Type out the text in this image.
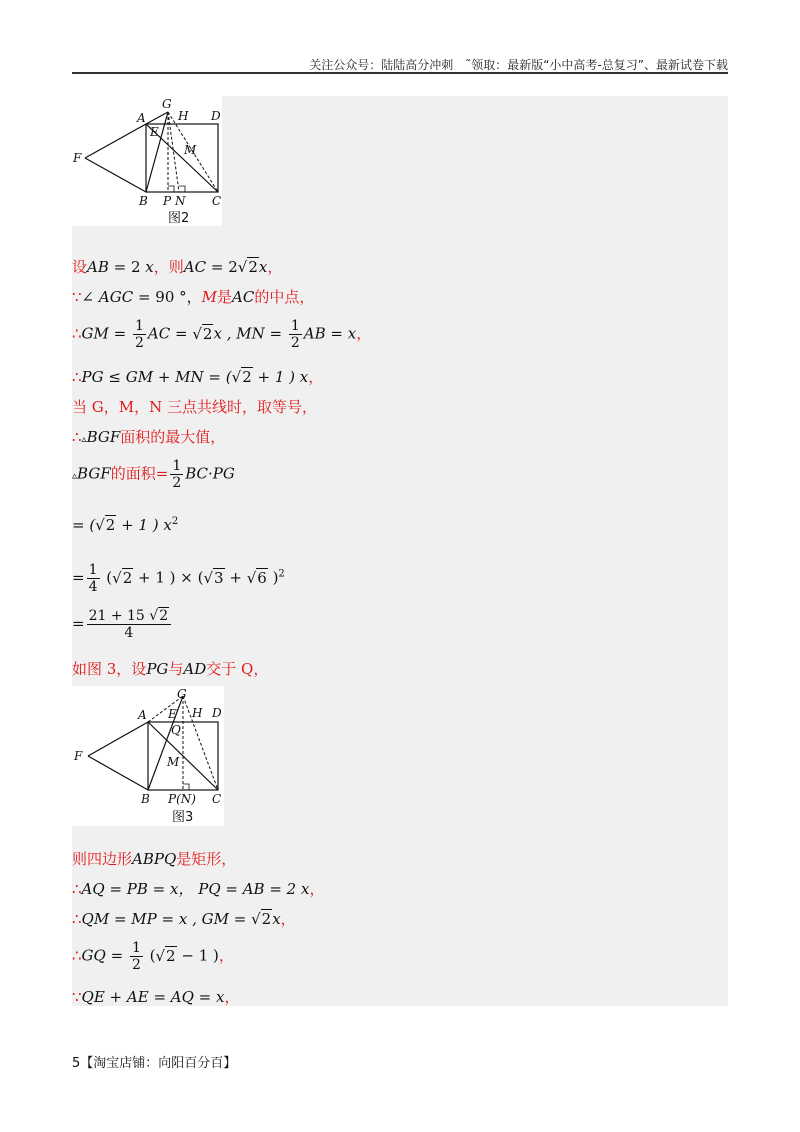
关注公众号：陆陆高分冲刺　˜领取：最新版“小中高考-总复习”、最新试卷下载
A
G
H D
E
M
F
B P N C
图2
设AB = 2 x，则AC = 2√2x，
∵∠ AGC = 90 °，M是AC的中点，
∴GM = $\frac{1}{2}$ AC = √2x , MN = $\frac{1}{2}$ AB = x，
∴PG ≤ GM + MN = (√2 + 1 ) x，
当 G，M，N 三点共线时，取等号，
∴▵BGF面积的最大值，
▵BGF的面积= $\frac{1}{2} BC\cdot PG$
= (√2 + 1 ) $x^2$
= $\frac{1}{4} (√2 + 1$ ) × (√3 + √6 )$^2$
= $\frac{21 + 15 √2}{4}$
如图 3，设PG与AD交于 Q，
A E
G
H D
Q
M
F
B P(N) C
图3
则四边形ABPQ是矩形，
∴AQ = PB = x， PQ = AB = 2 x，
∴QM = MP = x , GM = √2x，
∴GQ = $\frac{1}{2} (√2 - 1$ )，
∵QE + AE = AQ = x，
5【淘宝店铺：向阳百分百】
